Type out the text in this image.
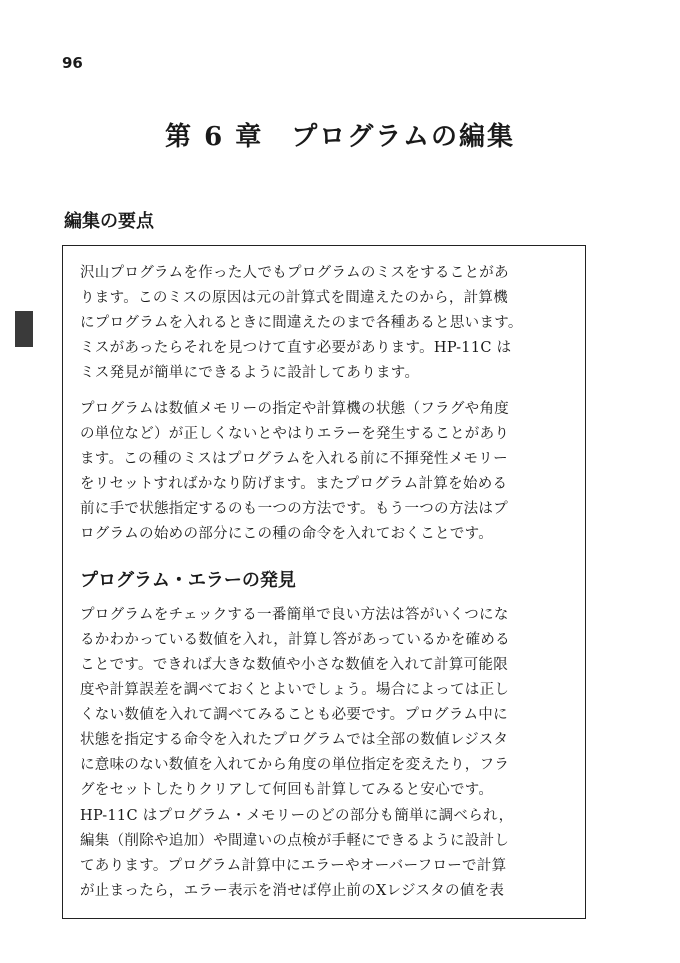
96
第 6 章　プログラムの編集
編集の要点
沢山プログラムを作った人でもプログラムのミスをすることがあ
ります。このミスの原因は元の計算式を間違えたのから，計算機
にプログラムを入れるときに間違えたのまで各種あると思います。
ミスがあったらそれを見つけて直す必要があります。HP-11C は
ミス発見が簡単にできるように設計してあります。
プログラムは数値メモリーの指定や計算機の状態（フラグや角度
の単位など）が正しくないとやはりエラーを発生することがあり
ます。この種のミスはプログラムを入れる前に不揮発性メモリー
をリセットすればかなり防げます。またプログラム計算を始める
前に手で状態指定するのも一つの方法です。もう一つの方法はプ
ログラムの始めの部分にこの種の命令を入れておくことです。
プログラム・エラーの発見
プログラムをチェックする一番簡単で良い方法は答がいくつにな
るかわかっている数値を入れ，計算し答があっているかを確める
ことです。できれば大きな数値や小さな数値を入れて計算可能限
度や計算誤差を調べておくとよいでしょう。場合によっては正し
くない数値を入れて調べてみることも必要です。プログラム中に
状態を指定する命令を入れたプログラムでは全部の数値レジスタ
に意味のない数値を入れてから角度の単位指定を変えたり，フラ
グをセットしたりクリアして何回も計算してみると安心です。
HP-11C はプログラム・メモリーのどの部分も簡単に調べられ，
編集（削除や追加）や間違いの点検が手軽にできるように設計し
てあります。プログラム計算中にエラーやオーバーフローで計算
が止まったら，エラー表示を消せば停止前のXレジスタの値を表
